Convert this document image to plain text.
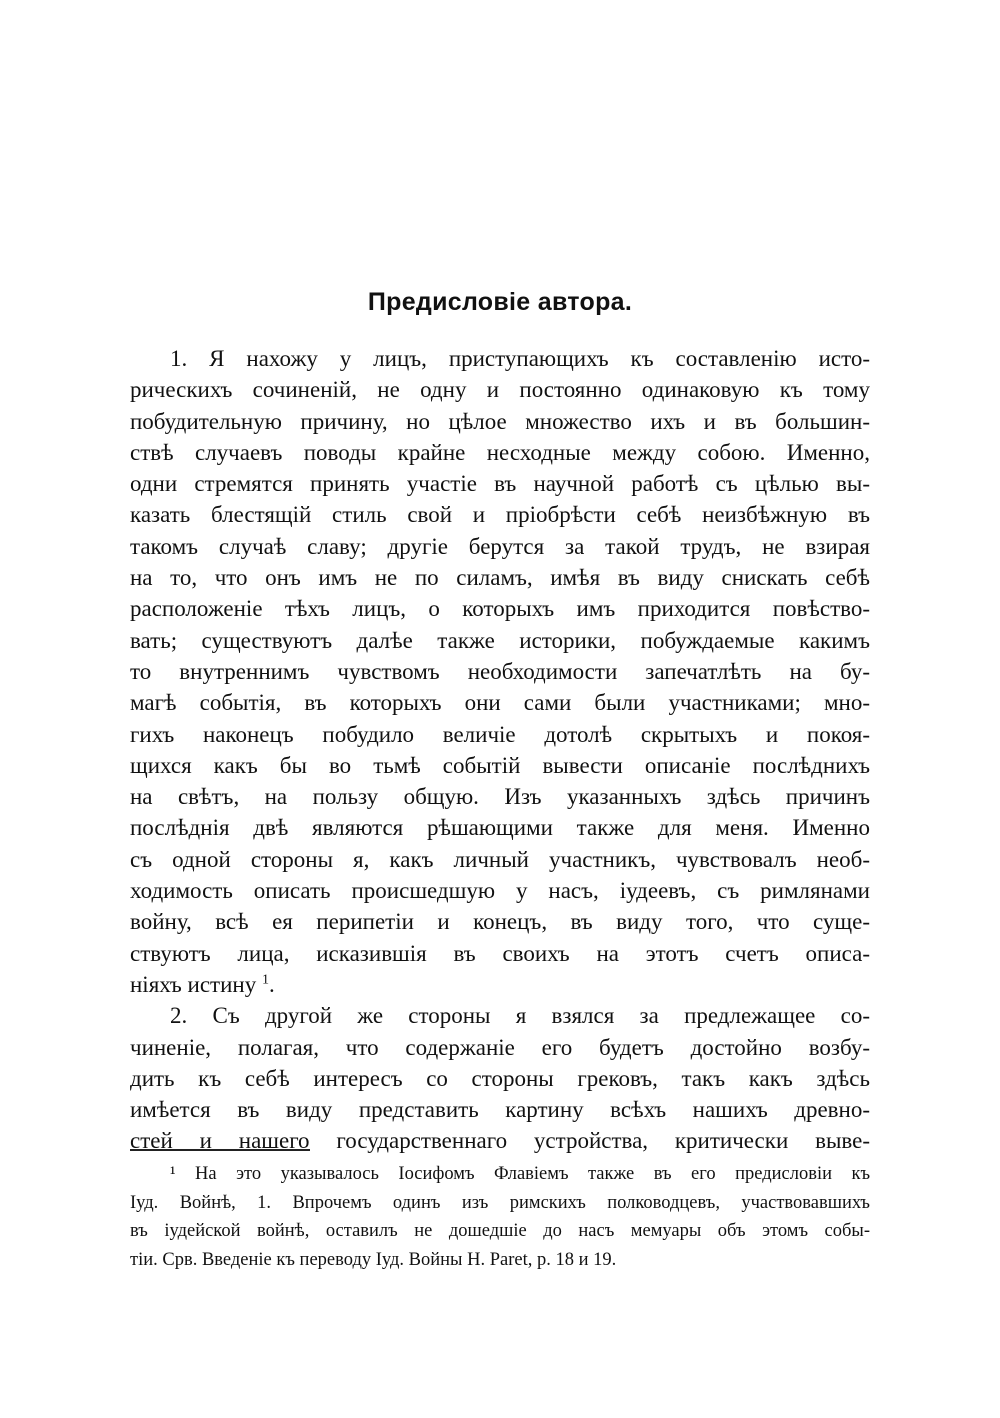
Предисловіе автора.
1. Я нахожу у лицъ, приступающихъ къ составленію исто-
рическихъ сочиненій, не одну и постоянно одинаковую къ тому
побудительную причину, но цѣлое множество ихъ и въ большин-
ствѣ случаевъ поводы крайне несходные между собою. Именно,
одни стремятся принять участіе въ научной работѣ съ цѣлью вы-
казать блестящій стиль свой и пріобрѣсти себѣ неизбѣжную въ
такомъ случаѣ славу; другіе берутся за такой трудъ, не взирая
на то, что онъ имъ не по силамъ, имѣя въ виду снискать себѣ
расположеніе тѣхъ лицъ, о которыхъ имъ приходится повѣство-
вать; существуютъ далѣе также историки, побуждаемые какимъ
то внутреннимъ чувствомъ необходимости запечатлѣть на бу-
магѣ событія, въ которыхъ они сами были участниками; мно-
гихъ наконецъ побудило величіе дотолѣ скрытыхъ и покоя-
щихся какъ бы во тьмѣ событій вывести описаніе послѣднихъ
на свѣтъ, на пользу общую. Изъ указанныхъ здѣсь причинъ
послѣднія двѣ являются рѣшающими также для меня. Именно
съ одной стороны я, какъ личный участникъ, чувствовалъ необ-
ходимость описать происшедшую у насъ, іудеевъ, съ римлянами
войну, всѣ ея перипетіи и конецъ, въ виду того, что суще-
ствуютъ лица, исказившія въ своихъ на этотъ счетъ описа-
ніяхъ истину $^1$.
2. Съ другой же стороны я взялся за предлежащее со-
чиненіе, полагая, что содержаніе его будетъ достойно возбу-
дить къ себѣ интересъ со стороны грековъ, такъ какъ здѣсь
имѣется въ виду представить картину всѣхъ нашихъ древно-
стей и нашего государственнаго устройства, критически выве-
¹ На это указывалось Іосифомъ Флавіемъ также въ его предисловіи къ
Іуд. Войнѣ, 1. Впрочемъ одинъ изъ римскихъ полководцевъ, участвовавшихъ
въ іудейской войнѣ, оставилъ не дошедшіе до насъ мемуары объ этомъ собы-
тіи. Срв. Введеніе къ переводу Іуд. Войны Н. Paret, p. 18 и 19.
